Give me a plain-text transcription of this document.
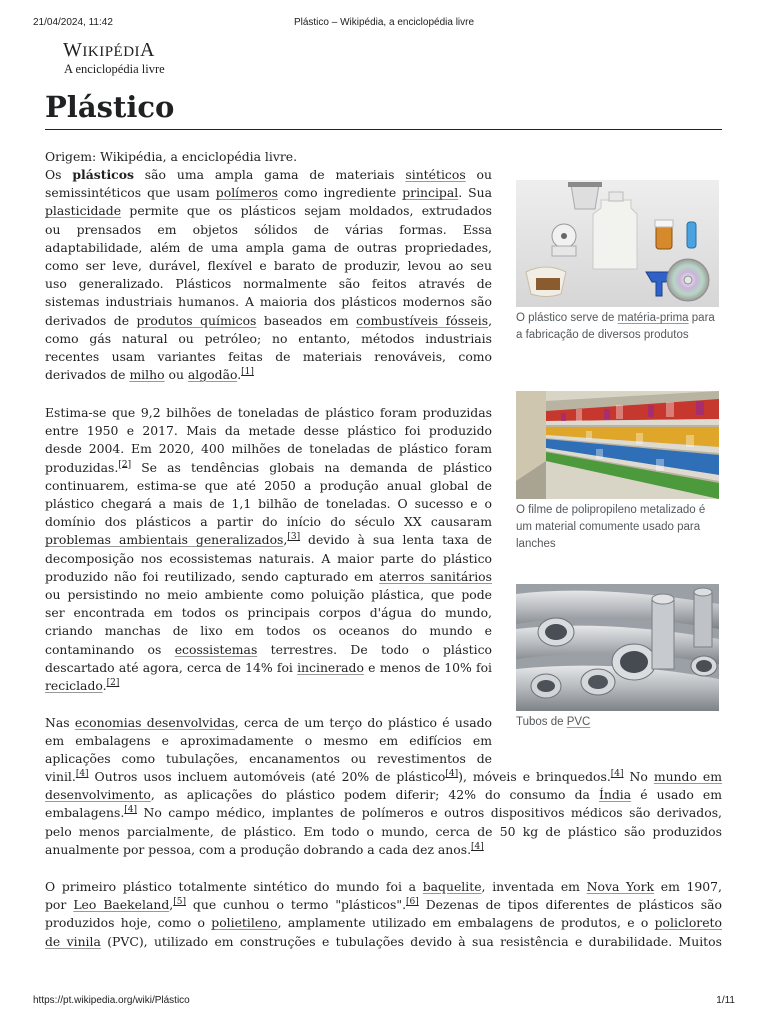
21/04/2024, 11:42	Plástico – Wikipédia, a enciclopédia livre
WIKIPÉDIA
A enciclopédia livre
Plástico
Origem: Wikipédia, a enciclopédia livre.

Os plásticos são uma ampla gama de materiais sintéticos ou
semissintéticos que usam polímeros como ingrediente principal. Sua
plasticidade permite que os plásticos sejam moldados, extrudados
ou prensados em objetos sólidos de várias formas. Essa
adaptabilidade, além de uma ampla gama de outras propriedades,
como ser leve, durável, flexível e barato de produzir, levou ao seu
uso generalizado. Plásticos normalmente são feitos através de
sistemas industriais humanos. A maioria dos plásticos modernos são
derivados de produtos químicos baseados em combustíveis fósseis,
como gás natural ou petróleo; no entanto, métodos industriais
recentes usam variantes feitas de materiais renováveis, como
derivados de milho ou algodão.[1]

Estima-se que 9,2 bilhões de toneladas de plástico foram produzidas
entre 1950 e 2017. Mais da metade desse plástico foi produzido
desde 2004. Em 2020, 400 milhões de toneladas de plástico foram
produzidas.[2] Se as tendências globais na demanda de plástico
continuarem, estima-se que até 2050 a produção anual global de
plástico chegará a mais de 1,1 bilhão de toneladas. O sucesso e o
domínio dos plásticos a partir do início do século XX causaram
problemas ambientais generalizados,[3] devido à sua lenta taxa de
decomposição nos ecossistemas naturais. A maior parte do plástico
produzido não foi reutilizado, sendo capturado em aterros sanitários
ou persistindo no meio ambiente como poluição plástica, que pode
ser encontrada em todos os principais corpos d'água do mundo,
criando manchas de lixo em todos os oceanos do mundo e
contaminando os ecossistemas terrestres. De todo o plástico
descartado até agora, cerca de 14% foi incinerado e menos de 10% foi
reciclado.[2]

Nas economias desenvolvidas, cerca de um terço do plástico é usado
em embalagens e aproximadamente o mesmo em edifícios em
aplicações como tubulações, encanamentos ou revestimentos de

vinil.[4] Outros usos incluem automóveis (até 20% de plástico[4]), móveis e brinquedos.[4] No mundo em
desenvolvimento, as aplicações do plástico podem diferir; 42% do consumo da Índia é usado em
embalagens.[4] No campo médico, implantes de polímeros e outros dispositivos médicos são derivados,
pelo menos parcialmente, de plástico. Em todo o mundo, cerca de 50 kg de plástico são produzidos
anualmente por pessoa, com a produção dobrando a cada dez anos.[4]

O primeiro plástico totalmente sintético do mundo foi a baquelite, inventada em Nova York em 1907,
por Leo Baekeland,[5] que cunhou o termo "plásticos".[6] Dezenas de tipos diferentes de plásticos são
produzidos hoje, como o polietileno, amplamente utilizado em embalagens de produtos, e o policloreto
de vinila (PVC), utilizado em construções e tubulações devido à sua resistência e durabilidade. Muitos

O plástico serve de matéria-prima para a fabricação de diversos produtos
O filme de polipropileno metalizado é um material comumente usado para lanches
Tubos de PVC
https://pt.wikipedia.org/wiki/Plástico	1/11
